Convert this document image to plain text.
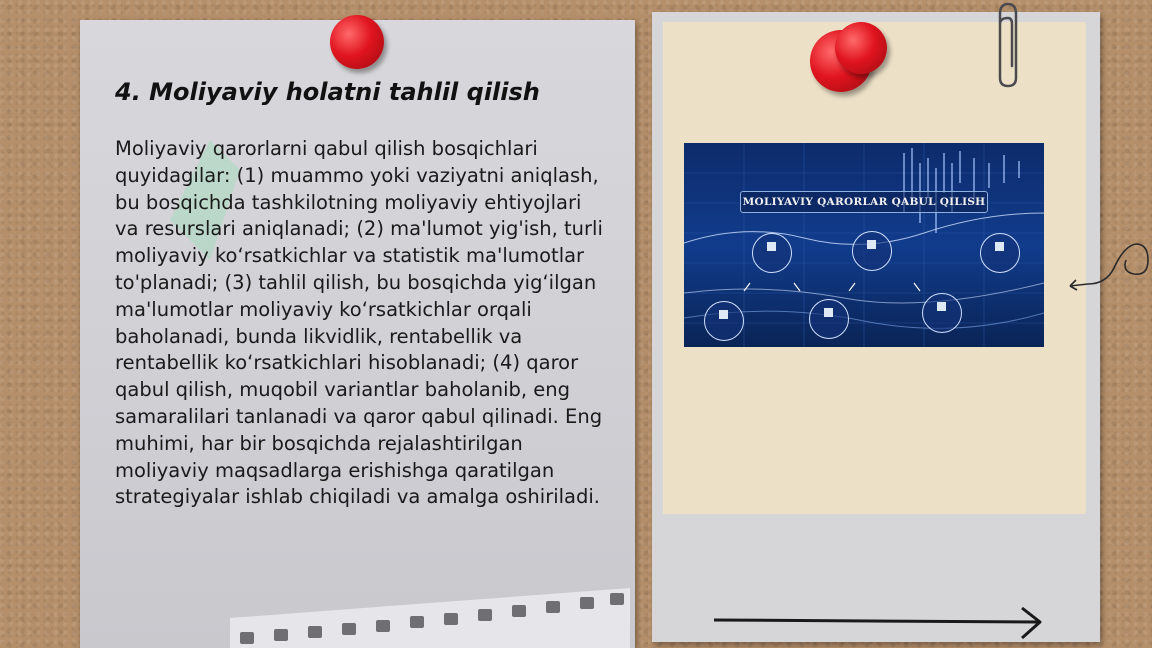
4. Moliyaviy holatni tahlil qilish

Moliyaviy qarorlarni qabul qilish bosqichlari quyidagilar: (1) muammo yoki vaziyatni aniqlash, bu bosqichda tashkilotning moliyaviy ehtiyojlari va resurslari aniqlanadi; (2) ma'lumot yig'ish, turli moliyaviy ko‘rsatkichlar va statistik ma'lumotlar to'planadi; (3) tahlil qilish, bu bosqichda yig‘ilgan ma'lumotlar moliyaviy ko‘rsatkichlar orqali baholanadi, bunda likvidlik, rentabellik va rentabellik ko‘rsatkichlari hisoblanadi; (4) qaror qabul qilish, muqobil variantlar baholanib, eng samaralilari tanlanadi va qaror qabul qilinadi. Eng muhimi, har bir bosqichda rejalashtirilgan moliyaviy maqsadlarga erishishga qaratilgan strategiyalar ishlab chiqiladi va amalga oshiriladi.

MOLIYAVIY QARORLAR QABUL QILISH
